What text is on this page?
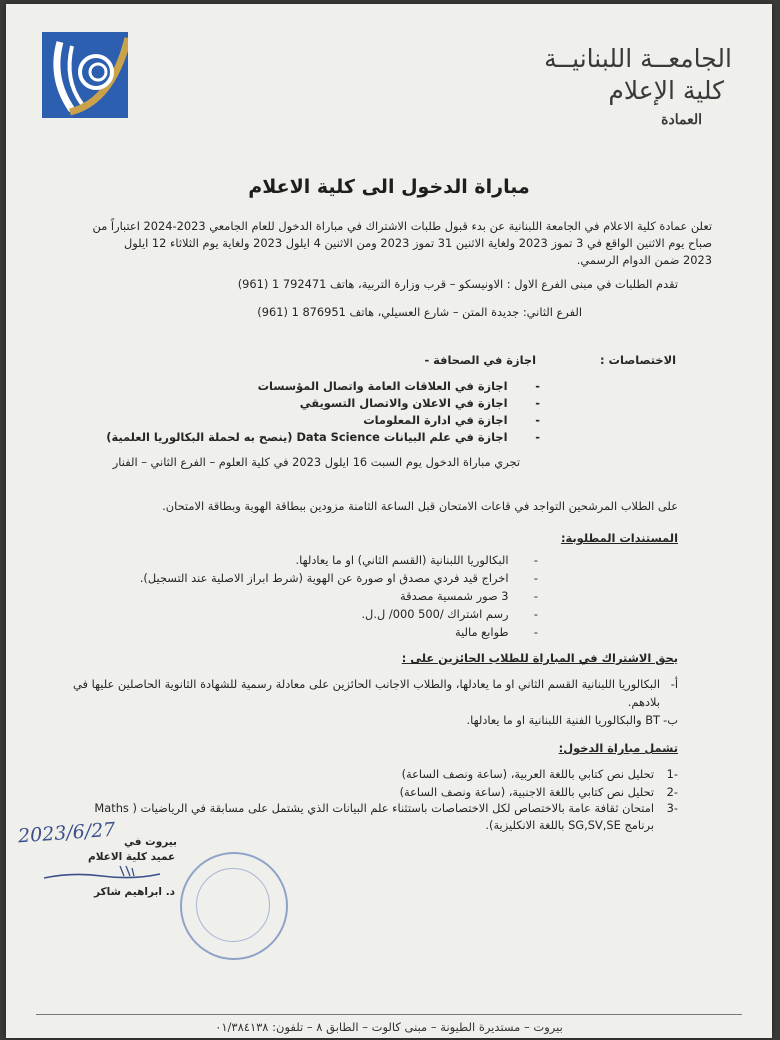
الجامعــة اللبنانيــة
كلية الإعلام
العمادة
مباراة الدخول الى كلية الاعلام
تعلن عمادة كلية الاعلام في الجامعة اللبنانية عن بدء قبول طلبات الاشتراك في مباراة الدخول للعام الجامعي 2023-2024 اعتباراً من
صباح يوم الاثنين الواقع في 3 تموز 2023 ولغاية الاثنين 31 تموز 2023 ومن الاثنين 4 ايلول 2023 ولغاية يوم الثلاثاء 12 ايلول
2023 ضمن الدوام الرسمي.
تقدم الطلبات في مبنى الفرع الاول : الاونيسكو – قرب وزارة التربية، هاتف 792471 1 (961)
الفرع الثاني: جديدة المتن – شارع العسيلي، هاتف 876951 1 (961)
الاختصاصات :
اجازة في الصحافة -
-       اجازة في العلاقات العامة واتصال المؤسسات
-       اجازة في الاعلان والاتصال التسويقي
-       اجازة في ادارة المعلومات
-       اجازة في علم البيانات Data Science (ينصح به لحملة البكالوريا العلمية)
تجري مباراة الدخول يوم السبت 16 ايلول 2023 في كلية العلوم – الفرع الثاني – الفنار
على الطلاب المرشحين التواجد في قاعات الامتحان قبل الساعة الثامنة مزودين ببطاقة الهوية وبطاقة الامتحان.
المستندات المطلوبة:
-       البكالوريا اللبنانية (القسم الثاني) او ما يعادلها.
-       اخراج قيد فردي مصدق او صورة عن الهوية (شرط ابراز الاصلية عند التسجيل).
-       3 صور شمسية مصدقة
-       رسم اشتراك /500 000/ ل.ل.
-       طوابع مالية
يحق الاشتراك في المباراة للطلاب الحائزين على :
أ-
البكالوريا اللبنانية القسم الثاني او ما يعادلها، والطلاب الاجانب الحائزين على معادلة رسمية للشهادة الثانوية الحاصلين عليها في
بلادهم.
ب-
BT والبكالوريا الفنية اللبنانية او ما يعادلها.
تشمل مباراة الدخول:
-1
تحليل نص كتابي باللغة العربية، (ساعة ونصف الساعة)
-2
تحليل نص كتابي باللغة الاجنبية، (ساعة ونصف الساعة)
-3
امتحان ثقافة عامة بالاختصاص لكل الاختصاصات باستثناء علم البيانات الذي يشتمل على مسابقة في الرياضيات ( Maths
برنامج SG,SV,SE باللغة الانكليزية).
بيروت في
2023/6/27
عميد كلية الاعلام
د. ابراهيم شاكر
بيروت – مستديرة الطيونة – مبنى كالوت – الطابق ٨ – تلفون: ٠١/٣٨٤١٣٨
